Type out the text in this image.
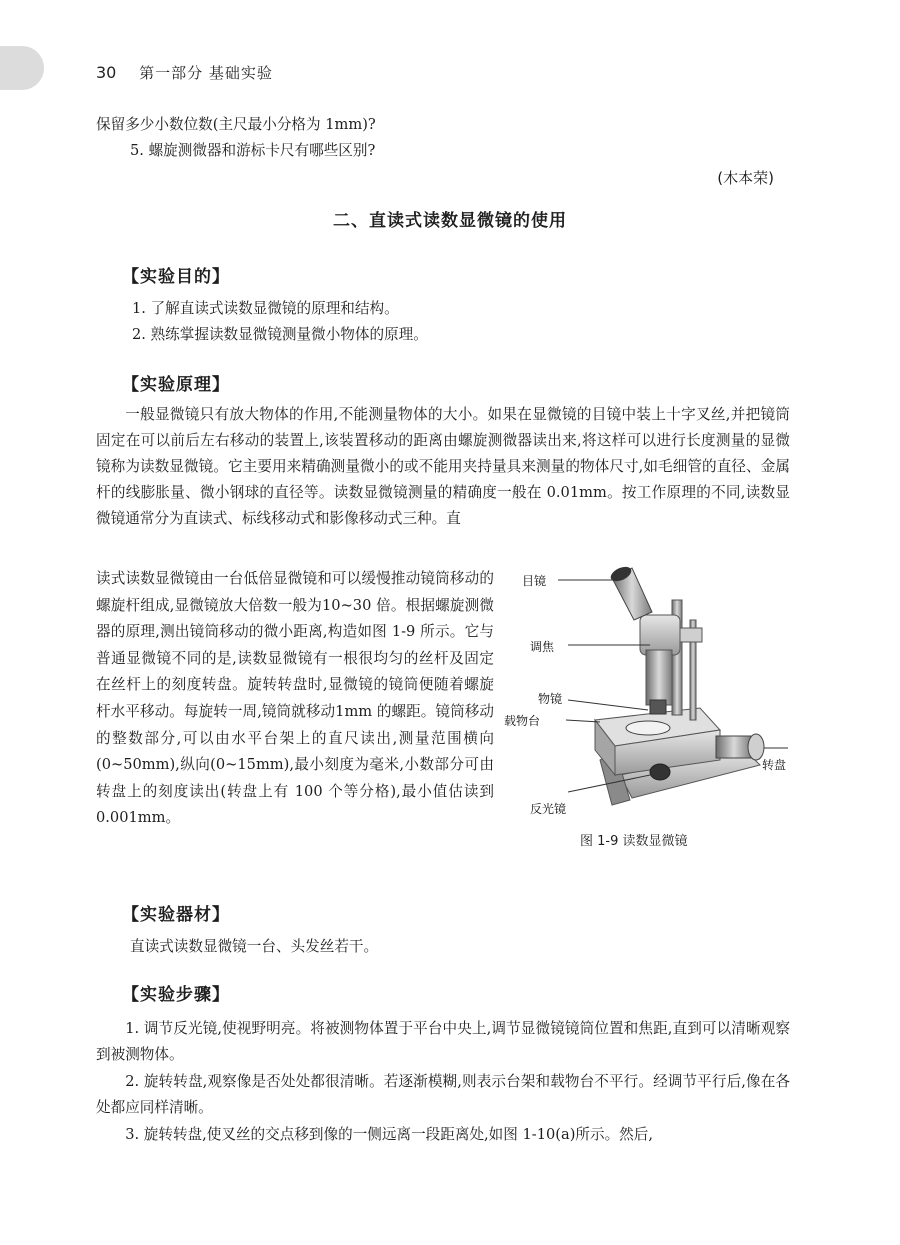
30 第一部分 基础实验
保留多少小数位数(主尺最小分格为 1mm)?
5. 螺旋测微器和游标卡尺有哪些区别?
(木本荣)
二、直读式读数显微镜的使用
【实验目的】
1. 了解直读式读数显微镜的原理和结构。
2. 熟练掌握读数显微镜测量微小物体的原理。
【实验原理】
一般显微镜只有放大物体的作用,不能测量物体的大小。如果在显微镜的目镜中装上十字叉丝,并把镜筒固定在可以前后左右移动的装置上,该装置移动的距离由螺旋测微器读出来,将这样可以进行长度测量的显微镜称为读数显微镜。它主要用来精确测量微小的或不能用夹持量具来测量的物体尺寸,如毛细管的直径、金属杆的线膨胀量、微小钢球的直径等。读数显微镜测量的精确度一般在 0.01mm。按工作原理的不同,读数显微镜通常分为直读式、标线移动式和影像移动式三种。直
读式读数显微镜由一台低倍显微镜和可以缓慢推动镜筒移动的螺旋杆组成,显微镜放大倍数一般为10~30 倍。根据螺旋测微器的原理,测出镜筒移动的微小距离,构造如图 1-9 所示。它与普通显微镜不同的是,读数显微镜有一根很均匀的丝杆及固定在丝杆上的刻度转盘。旋转转盘时,显微镜的镜筒便随着螺旋杆水平移动。每旋转一周,镜筒就移动1mm 的螺距。镜筒移动的整数部分,可以由水平台架上的直尺读出,测量范围横向(0~50mm),纵向(0~15mm),最小刻度为毫米,小数部分可由转盘上的刻度读出(转盘上有 100 个等分格),最小值估读到 0.001mm。
目镜
调焦
物镜
载物台
转盘
反光镜
图 1-9 读数显微镜
【实验器材】
直读式读数显微镜一台、头发丝若干。
【实验步骤】
1. 调节反光镜,使视野明亮。将被测物体置于平台中央上,调节显微镜镜筒位置和焦距,直到可以清晰观察到被测物体。
2. 旋转转盘,观察像是否处处都很清晰。若逐渐模糊,则表示台架和载物台不平行。经调节平行后,像在各处都应同样清晰。
3. 旋转转盘,使叉丝的交点移到像的一侧远离一段距离处,如图 1-10(a)所示。然后,
